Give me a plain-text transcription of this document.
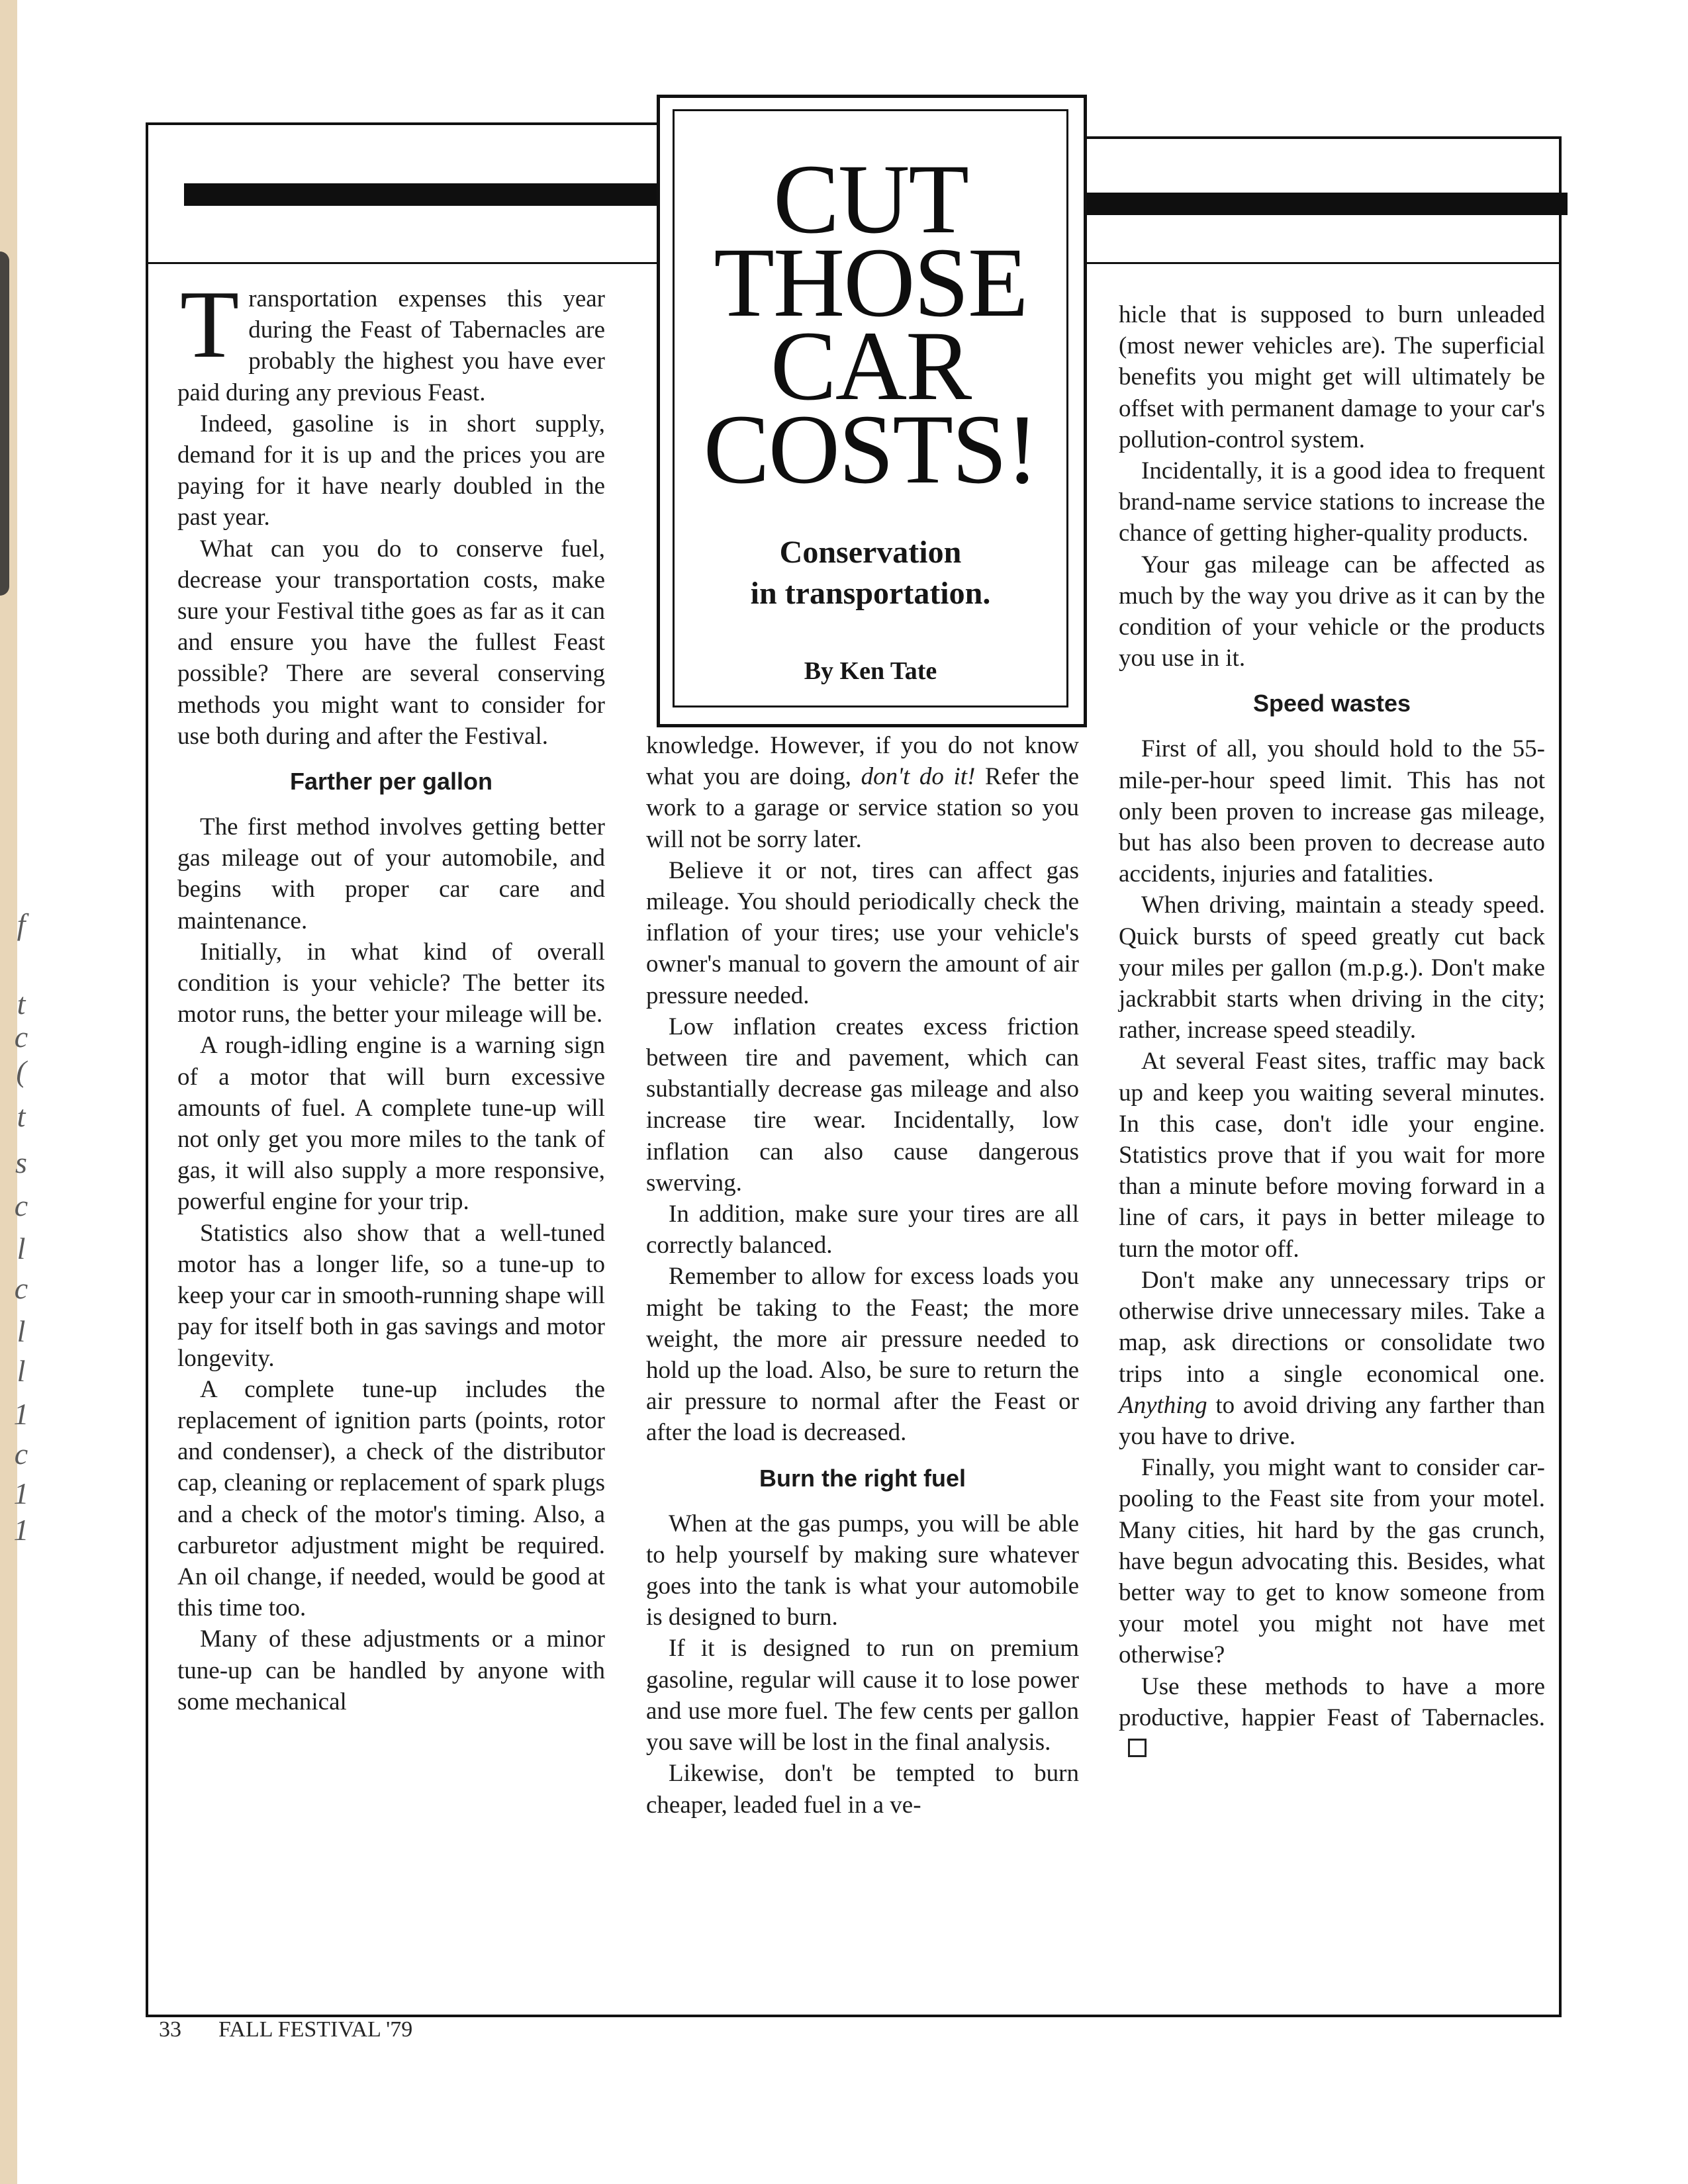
f
t
c
(
t
s
c
l
c
l
l
1
c
1
1
CUT
THOSE
CAR
COSTS!
Conservation
in transportation.
By Ken Tate

Transportation expenses this year during the Feast of Tabernacles are probably the highest you have ever paid during any previous Feast.

Indeed, gasoline is in short supply, demand for it is up and the prices you are paying for it have nearly doubled in the past year.

What can you do to conserve fuel, decrease your transportation costs, make sure your Festival tithe goes as far as it can and ensure you have the fullest Feast possible? There are several conserving methods you might want to consider for use both during and after the Festival.

Farther per gallon

The first method involves getting better gas mileage out of your automobile, and begins with proper car care and maintenance.

Initially, in what kind of overall condition is your vehicle? The better its motor runs, the better your mileage will be.

A rough-idling engine is a warning sign of a motor that will burn excessive amounts of fuel. A complete tune-up will not only get you more miles to the tank of gas, it will also supply a more responsive, powerful engine for your trip.

Statistics also show that a well-tuned motor has a longer life, so a tune-up to keep your car in smooth-running shape will pay for itself both in gas savings and motor longevity.

A complete tune-up includes the replacement of ignition parts (points, rotor and condenser), a check of the distributor cap, cleaning or replacement of spark plugs and a check of the motor's timing. Also, a carburetor adjustment might be required. An oil change, if needed, would be good at this time too.

Many of these adjustments or a minor tune-up can be handled by anyone with some mechanical

knowledge. However, if you do not know what you are doing, don't do it! Refer the work to a garage or service station so you will not be sorry later.

Believe it or not, tires can affect gas mileage. You should periodically check the inflation of your tires; use your vehicle's owner's manual to govern the amount of air pressure needed.

Low inflation creates excess friction between tire and pavement, which can substantially decrease gas mileage and also increase tire wear. Incidentally, low inflation can also cause dangerous swerving.

In addition, make sure your tires are all correctly balanced.

Remember to allow for excess loads you might be taking to the Feast; the more weight, the more air pressure needed to hold up the load. Also, be sure to return the air pressure to normal after the Feast or after the load is decreased.

Burn the right fuel

When at the gas pumps, you will be able to help yourself by making sure whatever goes into the tank is what your automobile is designed to burn.

If it is designed to run on premium gasoline, regular will cause it to lose power and use more fuel. The few cents per gallon you save will be lost in the final analysis.

Likewise, don't be tempted to burn cheaper, leaded fuel in a ve-

hicle that is supposed to burn unleaded (most newer vehicles are). The superficial benefits you might get will ultimately be offset with permanent damage to your car's pollution-control system.

Incidentally, it is a good idea to frequent brand-name service stations to increase the chance of getting higher-quality products.

Your gas mileage can be affected as much by the way you drive as it can by the condition of your vehicle or the products you use in it.

Speed wastes

First of all, you should hold to the 55-mile-per-hour speed limit. This has not only been proven to increase gas mileage, but has also been proven to decrease auto accidents, injuries and fatalities.

When driving, maintain a steady speed. Quick bursts of speed greatly cut back your miles per gallon (m.p.g.). Don't make jackrabbit starts when driving in the city; rather, increase speed steadily.

At several Feast sites, traffic may back up and keep you waiting several minutes. In this case, don't idle your engine. Statistics prove that if you wait for more than a minute before moving forward in a line of cars, it pays in better mileage to turn the motor off.

Don't make any unnecessary trips or otherwise drive unnecessary miles. Take a map, ask directions or consolidate two trips into a single economical one. Anything to avoid driving any farther than you have to drive.

Finally, you might want to consider car-pooling to the Feast site from your motel. Many cities, hit hard by the gas crunch, have begun advocating this. Besides, what better way to get to know someone from your motel you might not have met otherwise?

Use these methods to have a more productive, happier Feast of Tabernacles.

33 FALL FESTIVAL '79
